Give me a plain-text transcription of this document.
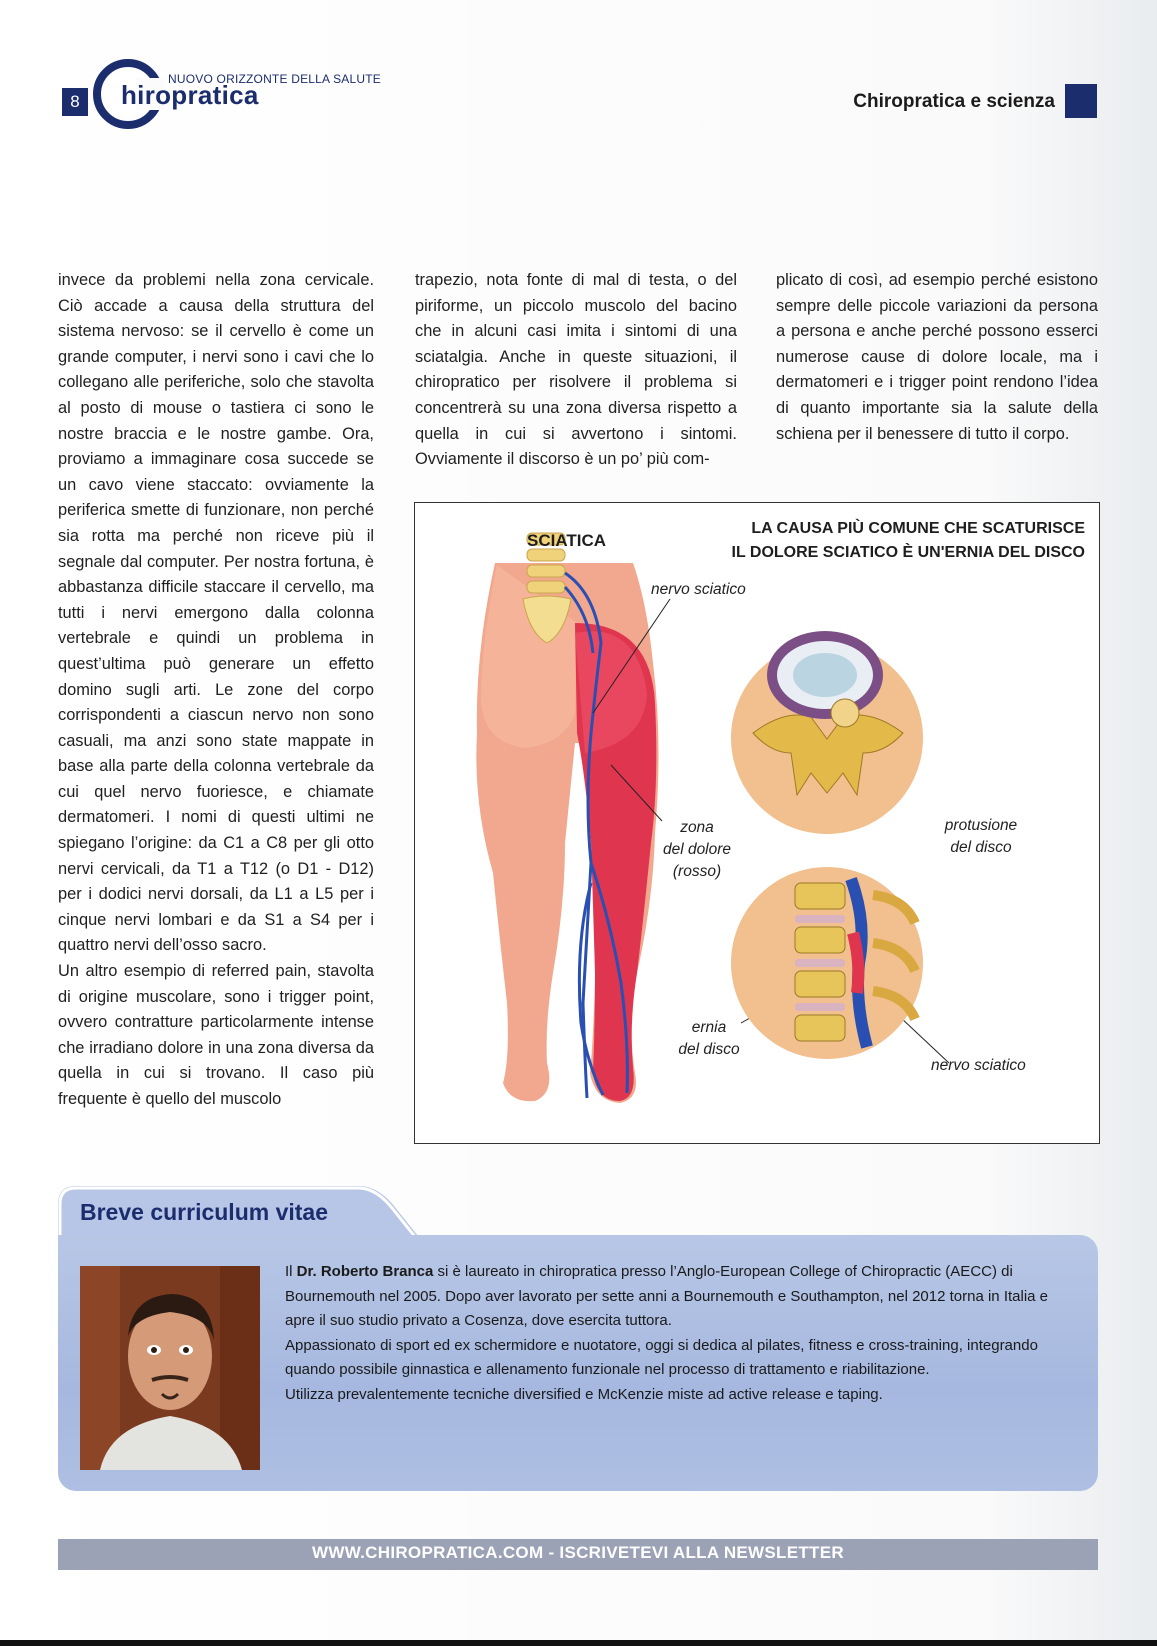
8
NUOVO ORIZZONTE DELLA SALUTE
hiropratica	Chiropratica e scienza

invece da problemi nella zona cervicale. Ciò accade a causa della struttura del sistema nervoso: se il cervello è come un grande computer, i nervi sono i cavi che lo collegano alle periferiche, solo che stavolta al posto di mouse o tastiera ci sono le nostre braccia e le nostre gambe. Ora, proviamo a immaginare cosa succede se un cavo viene staccato: ovviamente la periferica smette di funzionare, non perché sia rotta ma perché non riceve più il segnale dal computer. Per nostra fortuna, è abbastanza difficile staccare il cervello, ma tutti i nervi emergono dalla colonna vertebrale e quindi un problema in quest’ultima può generare un effetto domino sugli arti. Le zone del corpo corrispondenti a ciascun nervo non sono casuali, ma anzi sono state mappate in base alla parte della colonna vertebrale da cui quel nervo fuoriesce, e chiamate dermatomeri. I nomi di questi ultimi ne spiegano l’origine: da C1 a C8 per gli otto nervi cervicali, da T1 a T12 (o D1 - D12) per i dodici nervi dorsali, da L1 a L5 per i cinque nervi lombari e da S1 a S4 per i quattro nervi dell’osso sacro.

Un altro esempio di referred pain, stavolta di origine muscolare, sono i trigger point, ovvero contratture particolarmente intense che irradiano dolore in una zona diversa da quella in cui si trovano. Il caso più frequente è quello del muscolo

trapezio, nota fonte di mal di testa, o del piriforme, un piccolo muscolo del bacino che in alcuni casi imita i sintomi di una sciatalgia. Anche in queste situazioni, il chiropratico per risolvere il problema si concentrerà su una zona diversa rispetto a quella in cui si avvertono i sintomi. Ovviamente il discorso è un po’ più com-

plicato di così, ad esempio perché esistono sempre delle piccole variazioni da persona a persona e anche perché possono esserci numerose cause di dolore locale, ma i dermatomeri e i trigger point rendono l’idea di quanto importante sia la salute della schiena per il benessere di tutto il corpo.

SCIATICA
LA CAUSA PIÙ COMUNE CHE SCATURISCE
IL DOLORE SCIATICO È UN'ERNIA DEL DISCO
nervo sciatico
zona
del dolore
(rosso)
protusione
del disco
ernia
del disco
nervo sciatico
Breve curriculum vitae

Il Dr. Roberto Branca si è laureato in chiropratica presso l’Anglo-European College of Chiropractic (AECC) di Bournemouth nel 2005. Dopo aver lavorato per sette anni a Bournemouth e Southampton, nel 2012 torna in Italia e apre il suo studio privato a Cosenza, dove esercita tuttora.

Appassionato di sport ed ex schermidore e nuotatore, oggi si dedica al pilates, fitness e cross-training, integrando quando possibile ginnastica e allenamento funzionale nel processo di trattamento e riabilitazione.

Utilizza prevalentemente tecniche diversified e McKenzie miste ad active release e taping.

WWW.CHIROPRATICA.COM - ISCRIVETEVI ALLA NEWSLETTER
